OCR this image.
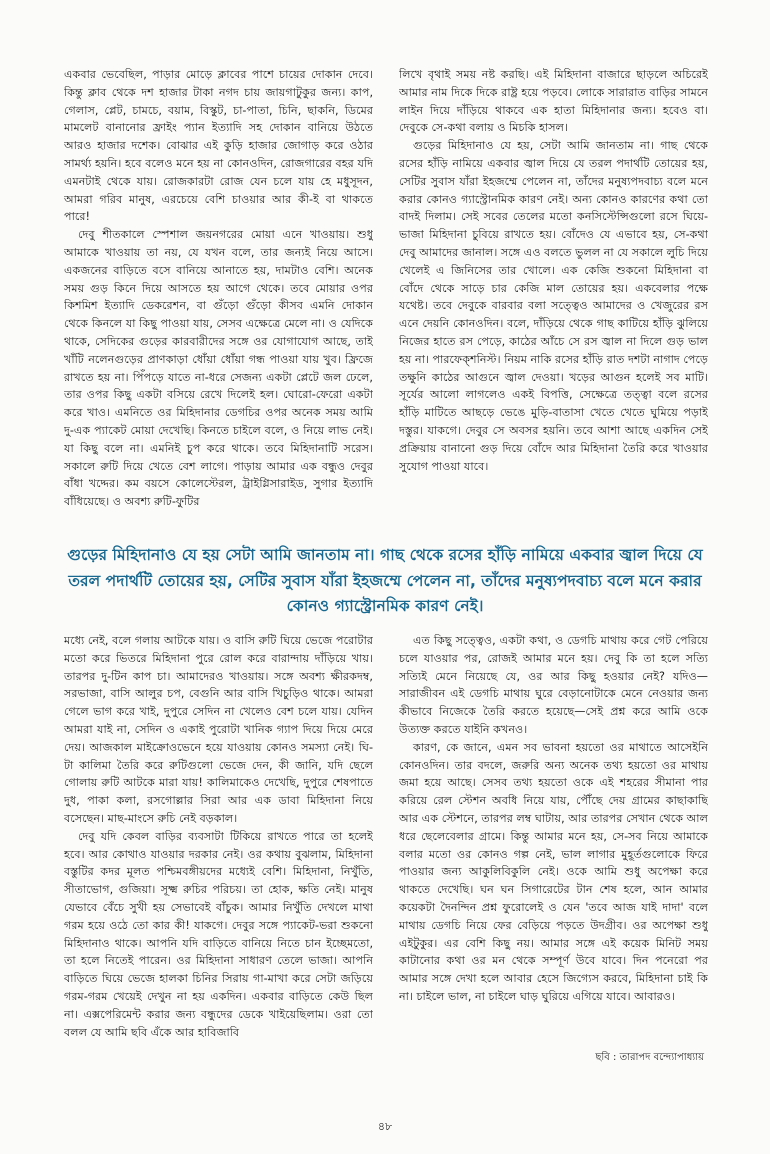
একবার ভেবেছিল, পাড়ার মোড়ে ক্লাবের পাশে চায়ের দোকান দেবে। কিন্তু ক্লাব থেকে দশ হাজার টাকা নগদ চায় জায়গাটুকুর জন্য। কাপ, গেলাস, প্লেট, চামচে, বয়াম, বিস্কুট, চা-পাতা, চিনি, ছাকনি, ডিমের মামলেট বানানোর ফ্রাইং প্যান ইত্যাদি সহ দোকান বানিয়ে উঠতে আরও হাজার দশেক। বোঝার এই কুড়ি হাজার জোগাড় করে ওঠার সামর্থ্য হয়নি। হবে বলেও মনে হয় না কোনওদিন, রোজগারের বহর যদি এমনটাই থেকে যায়। রোজকারটা রোজ যেন চলে যায় হে মধুসূদন, আমরা গরিব মানুষ, এরচেয়ে বেশি চাওয়ার আর কী-ই বা থাকতে পারে!

দেবু শীতকালে স্পেশাল জয়নগরের মোয়া এনে খাওয়ায়। শুধু আমাকে খাওয়ায় তা নয়, যে যখন বলে, তার জন্যই নিয়ে আসে। একজনের বাড়িতে বসে বানিয়ে আনাতে হয়, দামটাও বেশি। অনেক সময় গুড় কিনে দিয়ে আসতে হয় আগে থেকে। তবে মোয়ার ওপর কিশমিশ ইত্যাদি ডেকরেশন, বা গুঁড়ো গুঁড়ো কীসব এমনি দোকান থেকে কিনলে যা কিছু পাওয়া যায়, সেসব এক্ষেত্রে মেলে না। ও যেদিকে থাকে, সেদিকের গুড়ের কারবারীদের সঙ্গে ওর যোগাযোগ আছে, তাই খাঁটি নলেনগুড়ের প্রাণকাড়া ধোঁয়া ধোঁয়া গন্ধ পাওয়া যায় খুব। ফ্রিজে রাখতে হয় না। পিঁপড়ে যাতে না-ধরে সেজন্য একটা প্লেটে জল ঢেলে, তার ওপর কিছু একটা বসিয়ে রেখে দিলেই হল। ঘোরো-ফেরো একটা করে খাও। এমনিতে ওর মিহিদানার ডেগচির ওপর অনেক সময় আমি দু-এক প্যাকেট মোয়া দেখেছি। কিনতে চাইলে বলে, ও নিয়ে লাভ নেই। যা কিছু বলে না। এমনিই চুপ করে থাকে। তবে মিহিদানাটি সরেস। সকালে রুটি দিয়ে খেতে বেশ লাগে। পাড়ায় আমার এক বন্ধুও দেবুর বাঁধা খদ্দের। কম বয়সে কোলেস্টেরল, ট্রাইগ্লিসারাইড, সুগার ইত্যাদি বাঁধিয়েছে। ও অবশ্য রুটি-ফুটির

লিখে বৃথাই সময় নষ্ট করছি। এই মিহিদানা বাজারে ছাড়লে অচিরেই আমার নাম দিকে দিকে রাষ্ট্র হয়ে পড়বে। লোকে সারারাত বাড়ির সামনে লাইন দিয়ে দাঁড়িয়ে থাকবে এক হাতা মিহিদানার জন্য। হবেও বা। দেবুকে সে-কথা বলায় ও মিচকি হাসল।

গুড়ের মিহিদানাও যে হয়, সেটা আমি জানতাম না। গাছ থেকে রসের হাঁড়ি নামিয়ে একবার জ্বাল দিয়ে যে তরল পদার্থটি তোয়ের হয়, সেটির সুবাস যাঁরা ইহজম্মে পেলেন না, তাঁদের মনুষ্যপদবাচ্য বলে মনে করার কোনও গ্যাস্ট্রোনমিক কারণ নেই। অন্য কোনও কারণের কথা তো বাদই দিলাম। সেই সবের তেলের মতো কনসিস্টেন্সিগুলো রসে ঘিয়ে-ভাজা মিহিদানা চুবিয়ে রাখতে হয়। বোঁদেও যে এভাবে হয়, সে-কথা দেবু আমাদের জানাল। সঙ্গে এও বলতে ভুলল না যে সকালে লুচি দিয়ে খেলেই এ জিনিসের তার খোলে। এক কেজি শুকনো মিহিদানা বা বোঁদে থেকে সাড়ে চার কেজি মাল তোয়ের হয়। একবেলার পক্ষে যথেষ্ট। তবে দেবুকে বারবার বলা সত্ত্বেও আমাদের ও খেজুরের রস এনে দেয়নি কোনওদিন। বলে, দাঁড়িয়ে থেকে গাছ কাটিয়ে হাঁড়ি ঝুলিয়ে নিজের হাতে রস পেড়ে, কাঠের আঁচে সে রস জ্বাল না দিলে গুড় ভাল হয় না। পারফেক্শনিস্ট। নিয়ম নাকি রসের হাঁড়ি রাত দশটা নাগাদ পেড়ে তক্ষুনি কাঠের আগুনে জ্বাল দেওয়া। খড়ের আগুন হলেই সব মাটি। সূর্যের আলো লাগলেও একই বিপত্তি, সেক্ষেত্রে তত্ত্বা বলে রসের হাঁড়ি মাটিতে আছড়ে ভেঙে মুড়ি-বাতাসা খেতে খেতে ঘুমিয়ে পড়াই দস্তুর। যাকগে। দেবুর সে অবসর হয়নি। তবে আশা আছে একদিন সেই প্রক্রিয়ায় বানানো গুড় দিয়ে বোঁদে আর মিহিদানা তৈরি করে খাওয়ার সুযোগ পাওয়া যাবে।

গুড়ের মিহিদানাও যে হয় সেটা আমি জানতাম না। গাছ থেকে রসের হাঁড়ি নামিয়ে একবার জ্বাল দিয়ে যে তরল পদার্থটি তোয়ের হয়, সেটির সুবাস যাঁরা ইহজম্মে পেলেন না, তাঁদের মনুষ্যপদবাচ্য বলে মনে করার কোনও গ্যাস্ট্রোনমিক কারণ নেই।

মধ্যে নেই, বলে গলায় আটকে যায়। ও বাসি রুটি ঘিয়ে ভেজে পরোটার মতো করে ভিতরে মিহিদানা পুরে রোল করে বারান্দায় দাঁড়িয়ে খায়। তারপর দু-টিন কাপ চা। আমাদেরও খাওয়ায়। সঙ্গে অবশ্য ক্ষীরকদম্ব, সরভাজা, বাসি আলুর চপ, বেগুনি আর বাসি খিচুড়িও থাকে। আমরা গেলে ভাগ করে খাই, দুপুরে সেদিন না খেলেও বেশ চলে যায়। যেদিন আমরা যাই না, সেদিন ও একাই পুরোটা খানিক গ্যাপ দিয়ে দিয়ে মেরে দেয়। আজকাল মাইক্রোওভেনে হয়ে যাওয়ায় কোনও সমস্যা নেই। ঘি-টা কালিমা তৈরি করে রুটিগুলো ভেজে দেন, কী জানি, যদি ছেলে গোলায় রুটি আটকে মারা যায়! কালিমাকেও দেখেছি, দুপুরে শেষপাতে দুধ, পাকা কলা, রসগোল্লার সিরা আর এক ডাবা মিহিদানা নিয়ে বসেছেন। মাছ-মাংসে রুচি নেই বড়কাল।

দেবু যদি কেবল বাড়ির ব্যবসাটা টিকিয়ে রাখতে পারে তা হলেই হবে। আর কোথাও যাওয়ার দরকার নেই। ওর কথায় বুঝলাম, মিহিদানা বস্তুটির কদর মূলত পশ্চিমবঙ্গীয়দের মধ্যেই বেশি। মিহিদানা, নিখুঁতি, সীতাভোগ, গুজিয়া। সূক্ষ্ম রুচির পরিচয়। তা হোক, ক্ষতি নেই। মানুষ যেভাবে বেঁচে সুখী হয় সেভাবেই বাঁচুক। আমার নিখুঁতি দেখলে মাথা গরম হয়ে ওঠে তো কার কী! যাকগে। দেবুর সঙ্গে প্যাকেট-ভরা শুকনো মিহিদানাও থাকে। আপনি যদি বাড়িতে বানিয়ে নিতে চান ইচ্ছেমতো, তা হলে নিতেই পারেন। ওর মিহিদানা সাধারণ তেলে ভাজা। আপনি বাড়িতে ঘিয়ে ভেজে হালকা চিনির সিরায় গা-মাখা করে সেটা জড়িয়ে গরম-গরম খেয়েই দেখুন না হয় একদিন। একবার বাড়িতে কেউ ছিল না। এক্সপেরিমেন্ট করার জন্য বন্ধুদের ডেকে খাইয়েছিলাম। ওরা তো বলল যে আমি ছবি এঁকে আর হাবিজাবি

এত কিছু সত্ত্বেও, একটা কথা, ও ডেগচি মাথায় করে গেট পেরিয়ে চলে যাওয়ার পর, রোজই আমার মনে হয়। দেবু কি তা হলে সত্যি সত্যিই মেনে নিয়েছে যে, ওর আর কিছু হওয়ার নেই? যদিও—সারাজীবন এই ডেগচি মাথায় ঘুরে বেড়ানোটাকে মেনে নেওয়ার জন্য কীভাবে নিজেকে তৈরি করতে হয়েছে—সেই প্রশ্ন করে আমি ওকে উত্যক্ত করতে যাইনি কখনও।

কারণ, কে জানে, এমন সব ভাবনা হয়তো ওর মাথাতে আসেইনি কোনওদিন। তার বদলে, জরুরি অন্য অনেক তথ্য হয়তো ওর মাথায় জমা হয়ে আছে। সেসব তথ্য হয়তো ওকে এই শহরের সীমানা পার করিয়ে রেল স্টেশন অবধি নিয়ে যায়, পৌঁছে দেয় গ্রামের কাছাকাছি আর এক স্টেশনে, তারপর লম্ব ঘাটায়, আর তারপর সেখান থেকে আল ধরে ছেলেবেলার গ্রামে। কিন্তু আমার মনে হয়, সে-সব নিয়ে আমাকে বলার মতো ওর কোনও গল্প নেই, ভাল লাগার মুহূর্তগুলোকে ফিরে পাওয়ার জন্য আকুলিবিকুলি নেই। ওকে আমি শুধু অপেক্ষা করে থাকতে দেখেছি। ঘন ঘন সিগারেটের টান শেষ হলে, আন আমার কয়েকটা দৈনন্দিন প্রশ্ন ফুরোলেই ও যেন 'তবে আজ যাই দাদা' বলে মাথায় ডেগচি নিয়ে ফের বেড়িয়ে পড়তে উদগ্রীব। ওর অপেক্ষা শুধু এইটুকুর। এর বেশি কিছু নয়। আমার সঙ্গে এই কয়েক মিনিট সময় কাটানোর কথা ওর মন থেকে সম্পূর্ণ উবে যাবে। দিন পনেরো পর আমার সঙ্গে দেখা হলে আবার হেসে জিগ্যেস করবে, মিহিদানা চাই কি না। চাইলে ভাল, না চাইলে ঘাড় ঘুরিয়ে এগিয়ে যাবে। আবারও।

ছবি : তারাপদ বন্দ্যোপাধ্যায়
৪৮
